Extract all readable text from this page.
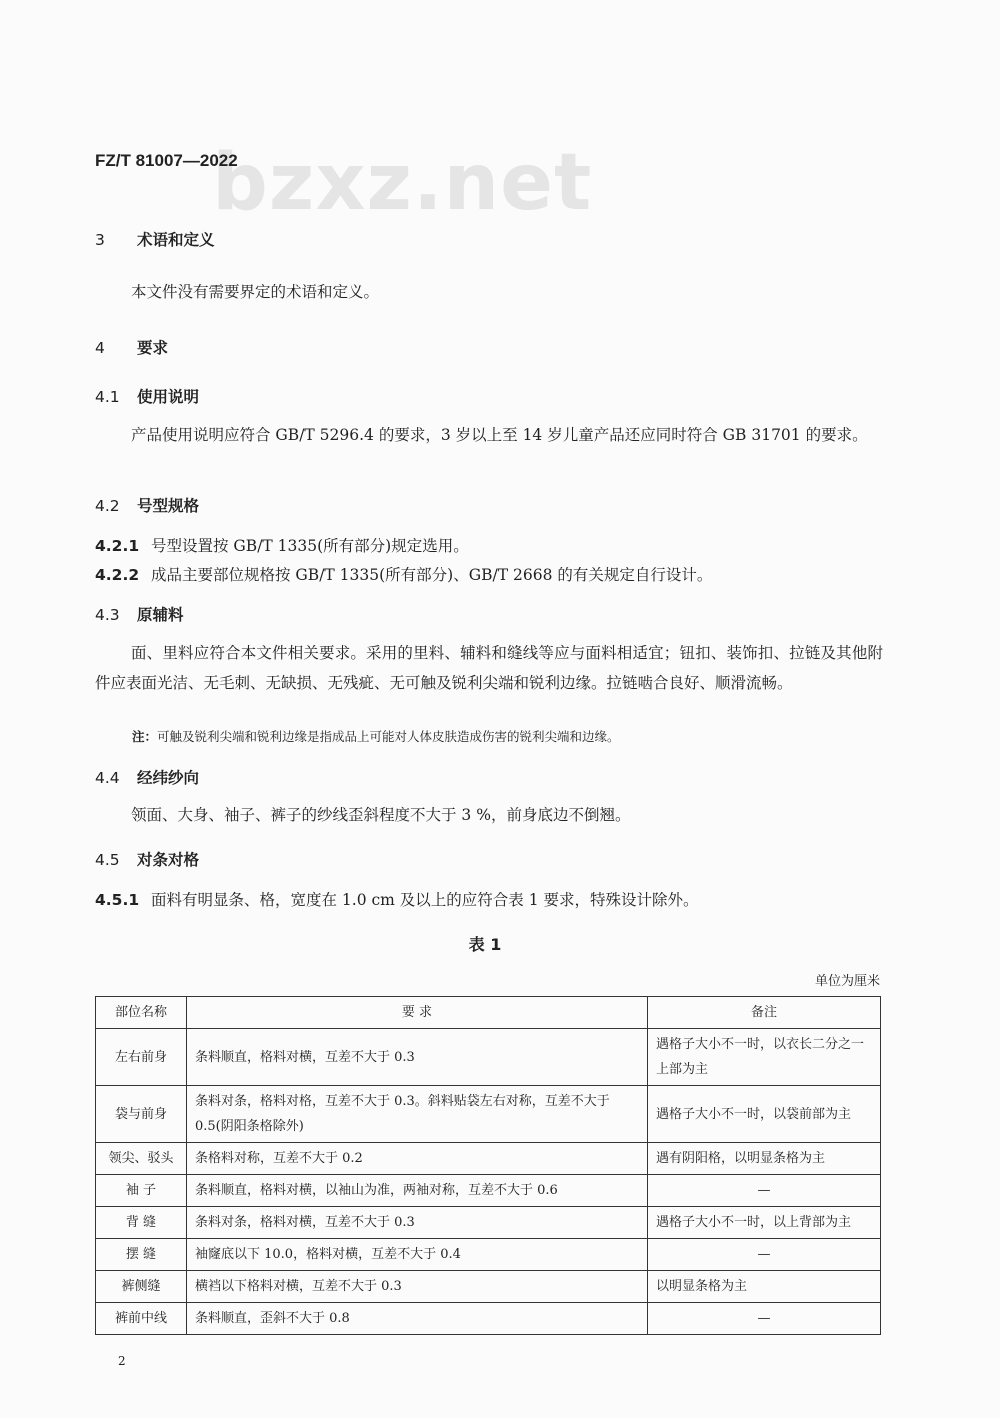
bzxz.net
FZ/T 81007—2022
3 术语和定义
本文件没有需要界定的术语和定义。
4 要求
4.1 使用说明
产品使用说明应符合 GB/T 5296.4 的要求，3 岁以上至 14 岁儿童产品还应同时符合 GB 31701 的要求。
4.2 号型规格
4.2.1 号型设置按 GB/T 1335(所有部分)规定选用。
4.2.2 成品主要部位规格按 GB/T 1335(所有部分)、GB/T 2668 的有关规定自行设计。
4.3 原辅料
面、里料应符合本文件相关要求。采用的里料、辅料和缝线等应与面料相适宜；钮扣、装饰扣、拉链及其他附件应表面光洁、无毛刺、无缺损、无残疵、无可触及锐利尖端和锐利边缘。拉链啮合良好、顺滑流畅。
注：可触及锐利尖端和锐利边缘是指成品上可能对人体皮肤造成伤害的锐利尖端和边缘。
4.4 经纬纱向
领面、大身、袖子、裤子的纱线歪斜程度不大于 3 %，前身底边不倒翘。
4.5 对条对格
4.5.1 面料有明显条、格，宽度在 1.0 cm 及以上的应符合表 1 要求，特殊设计除外。
表 1
单位为厘米
部位名称	要 求	备注
左右前身	条料顺直，格料对横，互差不大于 0.3	遇格子大小不一时，以衣长二分之一上部为主
袋与前身	条料对条，格料对格，互差不大于 0.3。斜料贴袋左右对称，互差不大于 0.5(阴阳条格除外)	遇格子大小不一时，以袋前部为主
领尖、驳头	条格料对称，互差不大于 0.2	遇有阴阳格，以明显条格为主
袖 子	条料顺直，格料对横，以袖山为准，两袖对称，互差不大于 0.6	—
背 缝	条料对条，格料对横，互差不大于 0.3	遇格子大小不一时，以上背部为主
摆 缝	袖窿底以下 10.0，格料对横，互差不大于 0.4	—
裤侧缝	横裆以下格料对横，互差不大于 0.3	以明显条格为主
裤前中线	条料顺直，歪斜不大于 0.8	—
2
